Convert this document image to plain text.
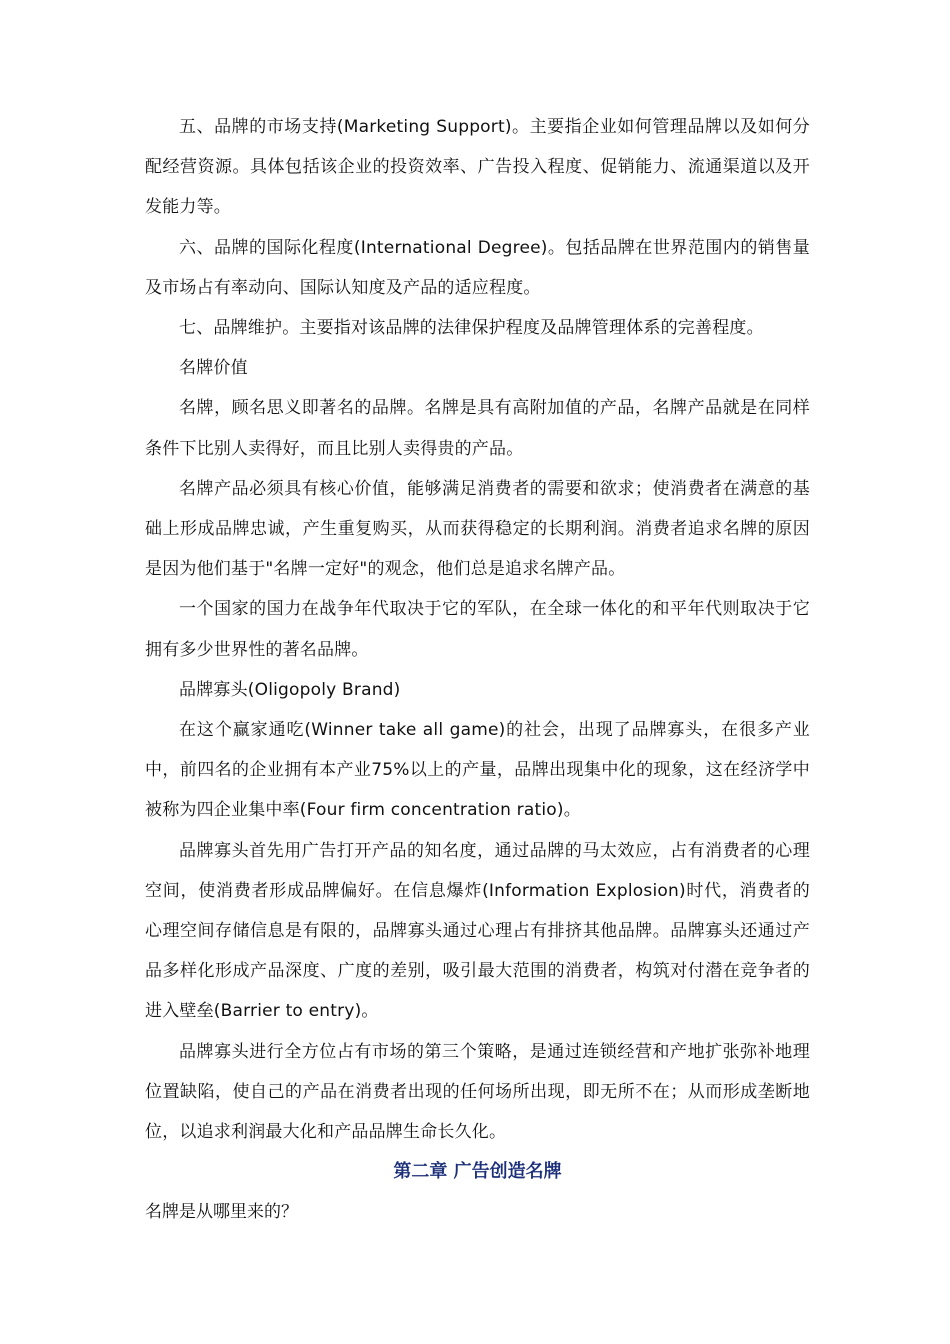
五、品牌的市场支持(Marketing Support)。主要指企业如何管理品牌以及如何分配经营资源。具体包括该企业的投资效率、广告投入程度、促销能力、流通渠道以及开发能力等。

六、品牌的国际化程度(International Degree)。包括品牌在世界范围内的销售量及市场占有率动向、国际认知度及产品的适应程度。

七、品牌维护。主要指对该品牌的法律保护程度及品牌管理体系的完善程度。

名牌价值

名牌，顾名思义即著名的品牌。名牌是具有高附加值的产品，名牌产品就是在同样条件下比别人卖得好，而且比别人卖得贵的产品。

名牌产品必须具有核心价值，能够满足消费者的需要和欲求；使消费者在满意的基础上形成品牌忠诚，产生重复购买，从而获得稳定的长期利润。消费者追求名牌的原因是因为他们基于"名牌一定好"的观念，他们总是追求名牌产品。

一个国家的国力在战争年代取决于它的军队，在全球一体化的和平年代则取决于它拥有多少世界性的著名品牌。

品牌寡头(Oligopoly Brand)

在这个赢家通吃(Winner take all game)的社会，出现了品牌寡头，在很多产业中，前四名的企业拥有本产业75%以上的产量，品牌出现集中化的现象，这在经济学中被称为四企业集中率(Four firm concentration ratio)。

品牌寡头首先用广告打开产品的知名度，通过品牌的马太效应，占有消费者的心理空间，使消费者形成品牌偏好。在信息爆炸(Information Explosion)时代，消费者的心理空间存储信息是有限的，品牌寡头通过心理占有排挤其他品牌。品牌寡头还通过产品多样化形成产品深度、广度的差别，吸引最大范围的消费者，构筑对付潜在竞争者的进入壁垒(Barrier to entry)。

品牌寡头进行全方位占有市场的第三个策略，是通过连锁经营和产地扩张弥补地理位置缺陷，使自己的产品在消费者出现的任何场所出现，即无所不在；从而形成垄断地位，以追求利润最大化和产品品牌生命长久化。

第二章 广告创造名牌

名牌是从哪里来的？
